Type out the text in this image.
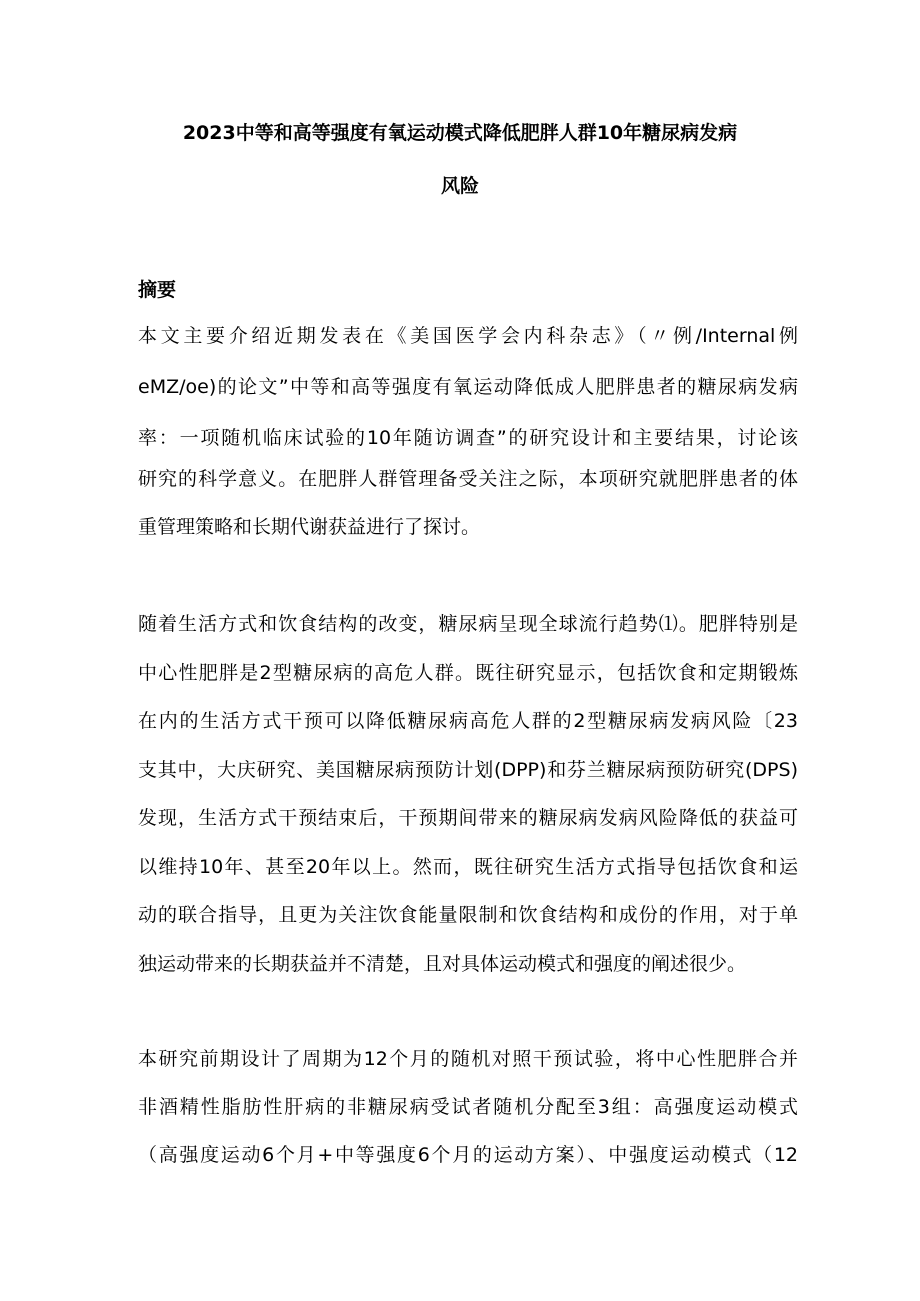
2023中等和高等强度有氧运动模式降低肥胖人群10年糖尿病发病
风险
摘要
本文主要介绍近期发表在《美国医学会内科杂志》（〃例/Internal例
eMZ/oe)的论文”中等和高等强度有氧运动降低成人肥胖患者的糖尿病发病
率：一项随机临床试验的10年随访调查”的研究设计和主要结果，讨论该
研究的科学意义。在肥胖人群管理备受关注之际，本项研究就肥胖患者的体
重管理策略和长期代谢获益进行了探讨。
随着生活方式和饮食结构的改变，糖尿病呈现全球流行趋势⑴。肥胖特别是
中心性肥胖是2型糖尿病的高危人群。既往研究显示，包括饮食和定期锻炼
在内的生活方式干预可以降低糖尿病高危人群的2型糖尿病发病风险〔23
支其中，大庆研究、美国糖尿病预防计划(DPP)和芬兰糖尿病预防研究(DPS)
发现，生活方式干预结束后，干预期间带来的糖尿病发病风险降低的获益可
以维持10年、甚至20年以上。然而，既往研究生活方式指导包括饮食和运
动的联合指导，且更为关注饮食能量限制和饮食结构和成份的作用，对于单
独运动带来的长期获益并不清楚，且对具体运动模式和强度的阐述很少。
本研究前期设计了周期为12个月的随机对照干预试验，将中心性肥胖合并
非酒精性脂肪性肝病的非糖尿病受试者随机分配至3组：高强度运动模式
（高强度运动6个月+中等强度6个月的运动方案）、中强度运动模式（12
